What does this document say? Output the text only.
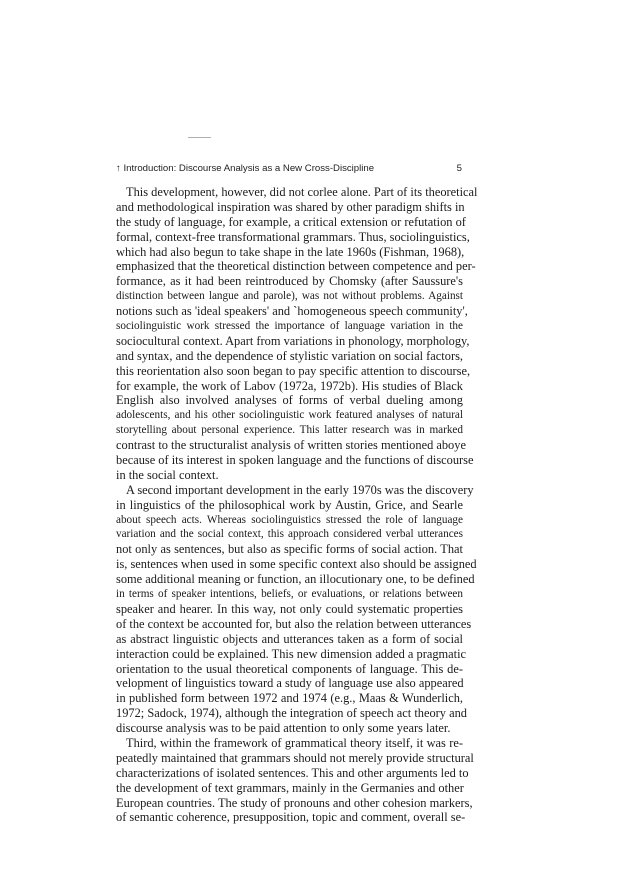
↑ Introduction: Discourse Analysis as a New Cross-Discipline	5
This development, however, did not corlee alone. Part of its theoretical
and methodological inspiration was shared by other paradigm shifts in
the study of language, for example, a critical extension or refutation of
formal, context-free transformational grammars. Thus, sociolinguistics,
which had also begun to take shape in the late 1960s (Fishman, 1968),
emphasized that the theoretical distinction between competence and per-
formance, as it had been reintroduced by Chomsky (after Saussure's
distinction between langue and parole), was not without problems. Against
notions such as 'ideal speakers' and `homogeneous speech community',
sociolinguistic work stressed the importance of language variation in the
sociocultural context. Apart from variations in phonology, morphology,
and syntax, and the dependence of stylistic variation on social factors,
this reorientation also soon began to pay specific attention to discourse,
for example, the work of Labov (1972a, 1972b). His studies of Black
English also involved analyses of forms of verbal dueling among
adolescents, and his other sociolinguistic work featured analyses of natural
storytelling about personal experience. This latter research was in marked
contrast to the structuralist analysis of written stories mentioned aboye
because of its interest in spoken language and the functions of discourse
in the social context.
A second important development in the early 1970s was the discovery
in linguistics of the philosophical work by Austin, Grice, and Searle
about speech acts. Whereas sociolinguistics stressed the role of language
variation and the social context, this approach considered verbal utterances
not only as sentences, but also as specific forms of social action. That
is, sentences when used in some specific context also should be assigned
some additional meaning or function, an illocutionary one, to be defined
in terms of speaker intentions, beliefs, or evaluations, or relations between
speaker and hearer. In this way, not only could systematic properties
of the context be accounted for, but also the relation between utterances
as abstract linguistic objects and utterances taken as a form of social
interaction could be explained. This new dimension added a pragmatic
orientation to the usual theoretical components of language. This de-
velopment of linguistics toward a study of language use also appeared
in published form between 1972 and 1974 (e.g., Maas & Wunderlich,
1972; Sadock, 1974), although the integration of speech act theory and
discourse analysis was to be paid attention to only some years later.
Third, within the framework of grammatical theory itself, it was re-
peatedly maintained that grammars should not merely provide structural
characterizations of isolated sentences. This and other arguments led to
the development of text grammars, mainly in the Germanies and other
European countries. The study of pronouns and other cohesion markers,
of semantic coherence, presupposition, topic and comment, overall se-
